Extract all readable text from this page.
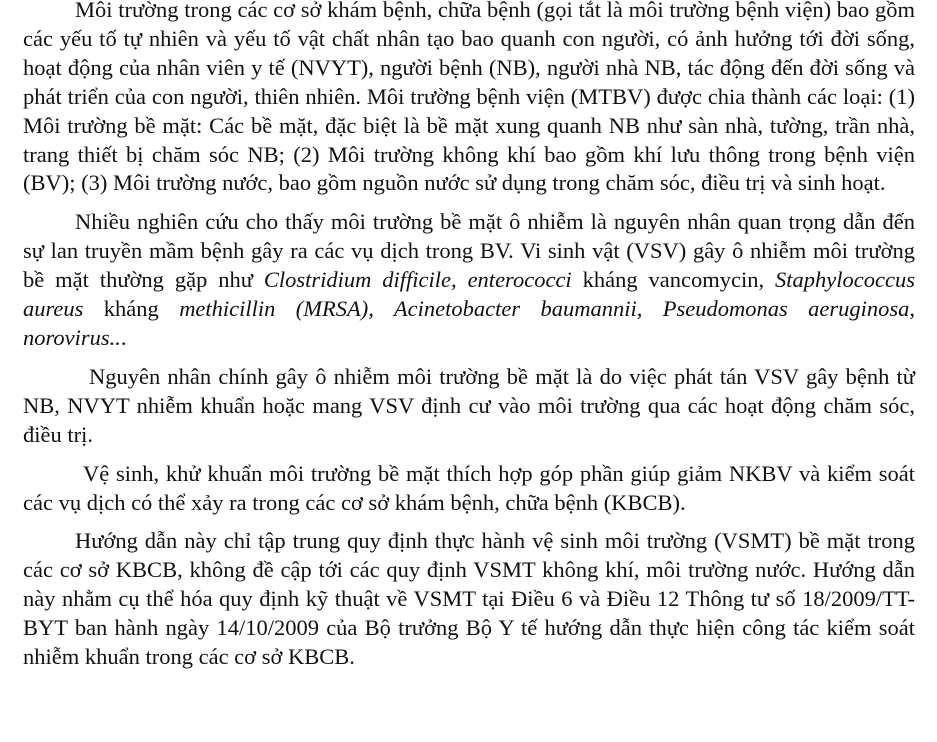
Môi trường trong các cơ sở khám bệnh, chữa bệnh (gọi tắt là môi trường bệnh viện) bao gồm các yếu tố tự nhiên và yếu tố vật chất nhân tạo bao quanh con người, có ảnh hưởng tới đời sống, hoạt động của nhân viên y tế (NVYT), người bệnh (NB), người nhà NB, tác động đến đời sống và phát triển của con người, thiên nhiên. Môi trường bệnh viện (MTBV) được chia thành các loại: (1) Môi trường bề mặt: Các bề mặt, đặc biệt là bề mặt xung quanh NB như sàn nhà, tường, trần nhà, trang thiết bị chăm sóc NB; (2) Môi trường không khí bao gồm khí lưu thông trong bệnh viện (BV); (3) Môi trường nước, bao gồm nguồn nước sử dụng trong chăm sóc, điều trị và sinh hoạt.

Nhiều nghiên cứu cho thấy môi trường bề mặt ô nhiễm là nguyên nhân quan trọng dẫn đến sự lan truyền mầm bệnh gây ra các vụ dịch trong BV. Vi sinh vật (VSV) gây ô nhiễm môi trường bề mặt thường gặp như Clostridium difficile, enterococci kháng vancomycin, Staphylococcus aureus kháng methicillin (MRSA), Acinetobacter baumannii, Pseudomonas aeruginosa, norovirus...

Nguyên nhân chính gây ô nhiễm môi trường bề mặt là do việc phát tán VSV gây bệnh từ NB, NVYT nhiễm khuẩn hoặc mang VSV định cư vào môi trường qua các hoạt động chăm sóc, điều trị.

Vệ sinh, khử khuẩn môi trường bề mặt thích hợp góp phần giúp giảm NKBV và kiểm soát các vụ dịch có thể xảy ra trong các cơ sở khám bệnh, chữa bệnh (KBCB).

Hướng dẫn này chỉ tập trung quy định thực hành vệ sinh môi trường (VSMT) bề mặt trong các cơ sở KBCB, không đề cập tới các quy định VSMT không khí, môi trường nước. Hướng dẫn này nhằm cụ thể hóa quy định kỹ thuật về VSMT tại Điều 6 và Điều 12 Thông tư số 18/2009/TT-BYT ban hành ngày 14/10/2009 của Bộ trưởng Bộ Y tế hướng dẫn thực hiện công tác kiểm soát nhiễm khuẩn trong các cơ sở KBCB.
